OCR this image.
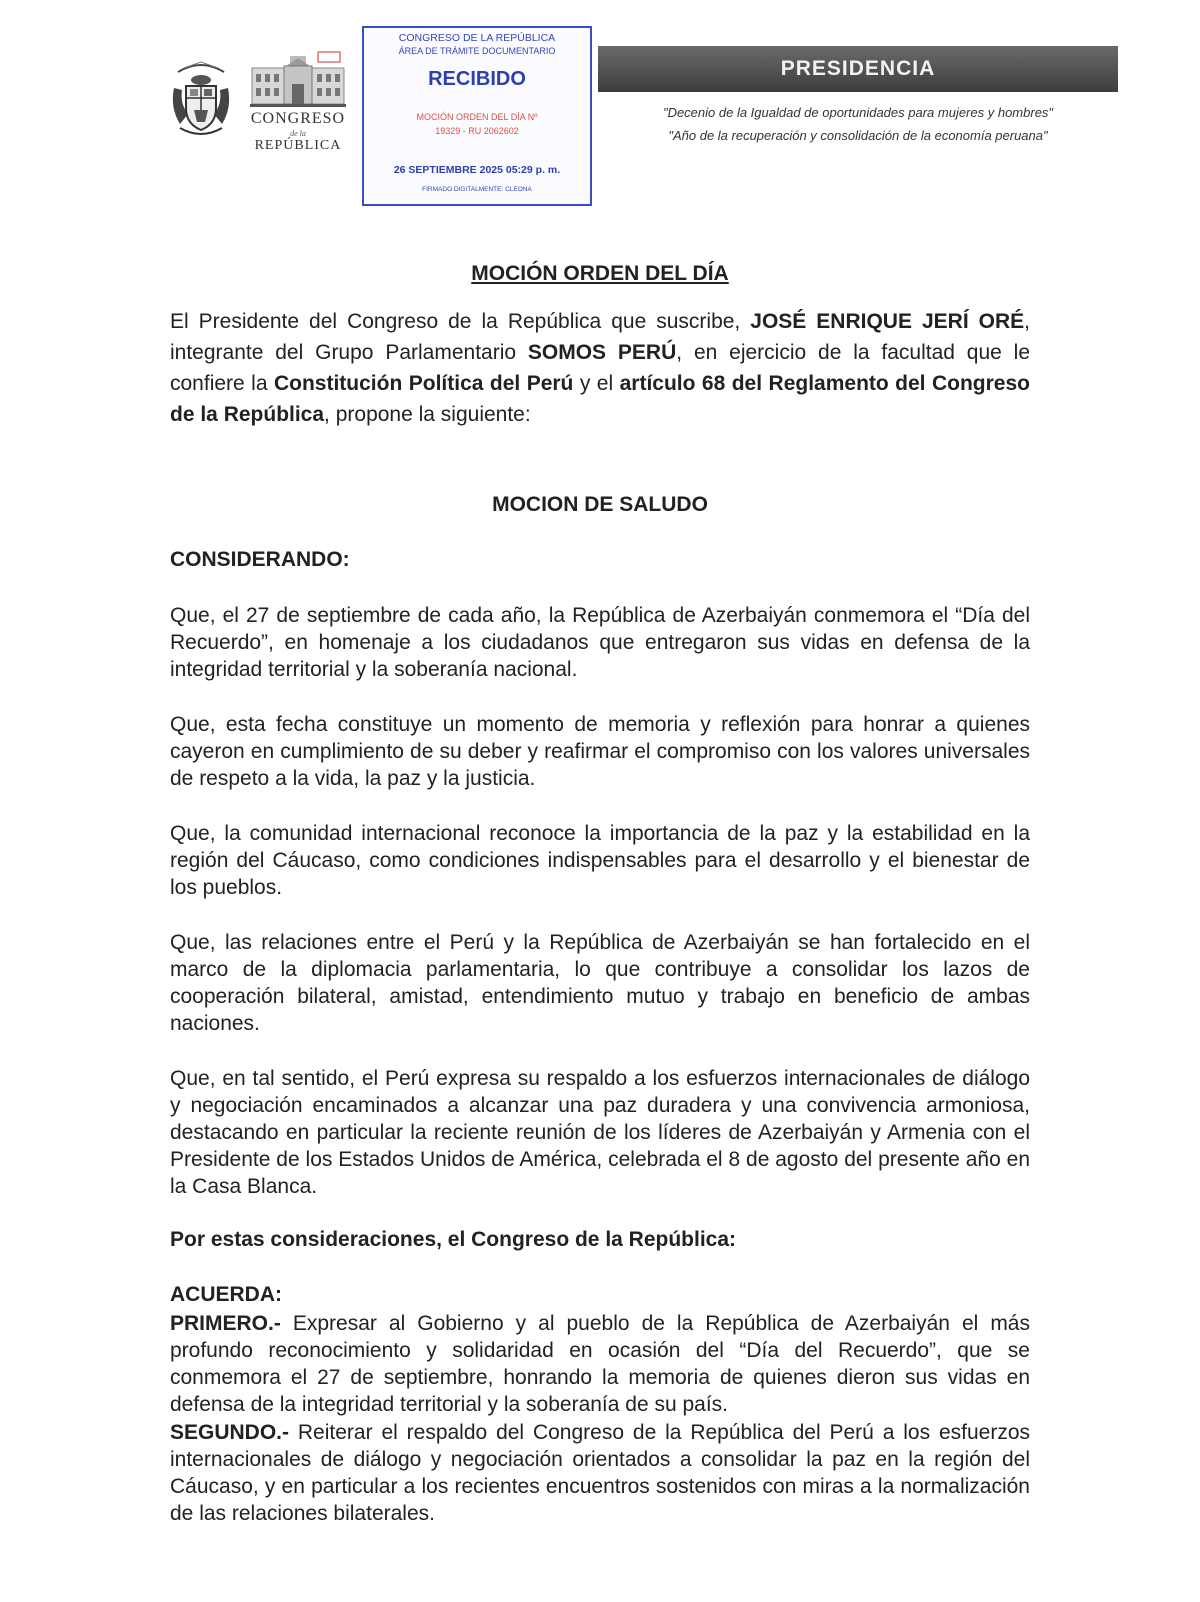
CONGRESO
de la
REPÚBLICA
CONGRESO DE LA REPÚBLICA
ÁREA DE TRÁMITE DOCUMENTARIO
RECIBIDO
MOCIÓN ORDEN DEL DÍA Nº
19329 - RU 2062602
26 SEPTIEMBRE 2025 05:29 p. m.
FIRMADO DIGITALMENTE: CLEONA
PRESIDENCIA
"Decenio de la Igualdad de oportunidades para mujeres y hombres"
"Año de la recuperación y consolidación de la economía peruana"
MOCIÓN ORDEN DEL DÍA
El Presidente del Congreso de la República que suscribe, JOSÉ ENRIQUE JERÍ ORÉ, integrante del Grupo Parlamentario SOMOS PERÚ, en ejercicio de la facultad que le confiere la Constitución Política del Perú y el artículo 68 del Reglamento del Congreso de la República, propone la siguiente:
MOCION DE SALUDO
CONSIDERANDO:
Que, el 27 de septiembre de cada año, la República de Azerbaiyán conmemora el “Día del Recuerdo”, en homenaje a los ciudadanos que entregaron sus vidas en defensa de la integridad territorial y la soberanía nacional.
Que, esta fecha constituye un momento de memoria y reflexión para honrar a quienes cayeron en cumplimiento de su deber y reafirmar el compromiso con los valores universales de respeto a la vida, la paz y la justicia.
Que, la comunidad internacional reconoce la importancia de la paz y la estabilidad en la región del Cáucaso, como condiciones indispensables para el desarrollo y el bienestar de los pueblos.
Que, las relaciones entre el Perú y la República de Azerbaiyán se han fortalecido en el marco de la diplomacia parlamentaria, lo que contribuye a consolidar los lazos de cooperación bilateral, amistad, entendimiento mutuo y trabajo en beneficio de ambas naciones.
Que, en tal sentido, el Perú expresa su respaldo a los esfuerzos internacionales de diálogo y negociación encaminados a alcanzar una paz duradera y una convivencia armoniosa, destacando en particular la reciente reunión de los líderes de Azerbaiyán y Armenia con el Presidente de los Estados Unidos de América, celebrada el 8 de agosto del presente año en la Casa Blanca.
Por estas consideraciones, el Congreso de la República:
ACUERDA:
PRIMERO.- Expresar al Gobierno y al pueblo de la República de Azerbaiyán el más profundo reconocimiento y solidaridad en ocasión del “Día del Recuerdo”, que se conmemora el 27 de septiembre, honrando la memoria de quienes dieron sus vidas en defensa de la integridad territorial y la soberanía de su país.
SEGUNDO.- Reiterar el respaldo del Congreso de la República del Perú a los esfuerzos internacionales de diálogo y negociación orientados a consolidar la paz en la región del Cáucaso, y en particular a los recientes encuentros sostenidos con miras a la normalización de las relaciones bilaterales.
